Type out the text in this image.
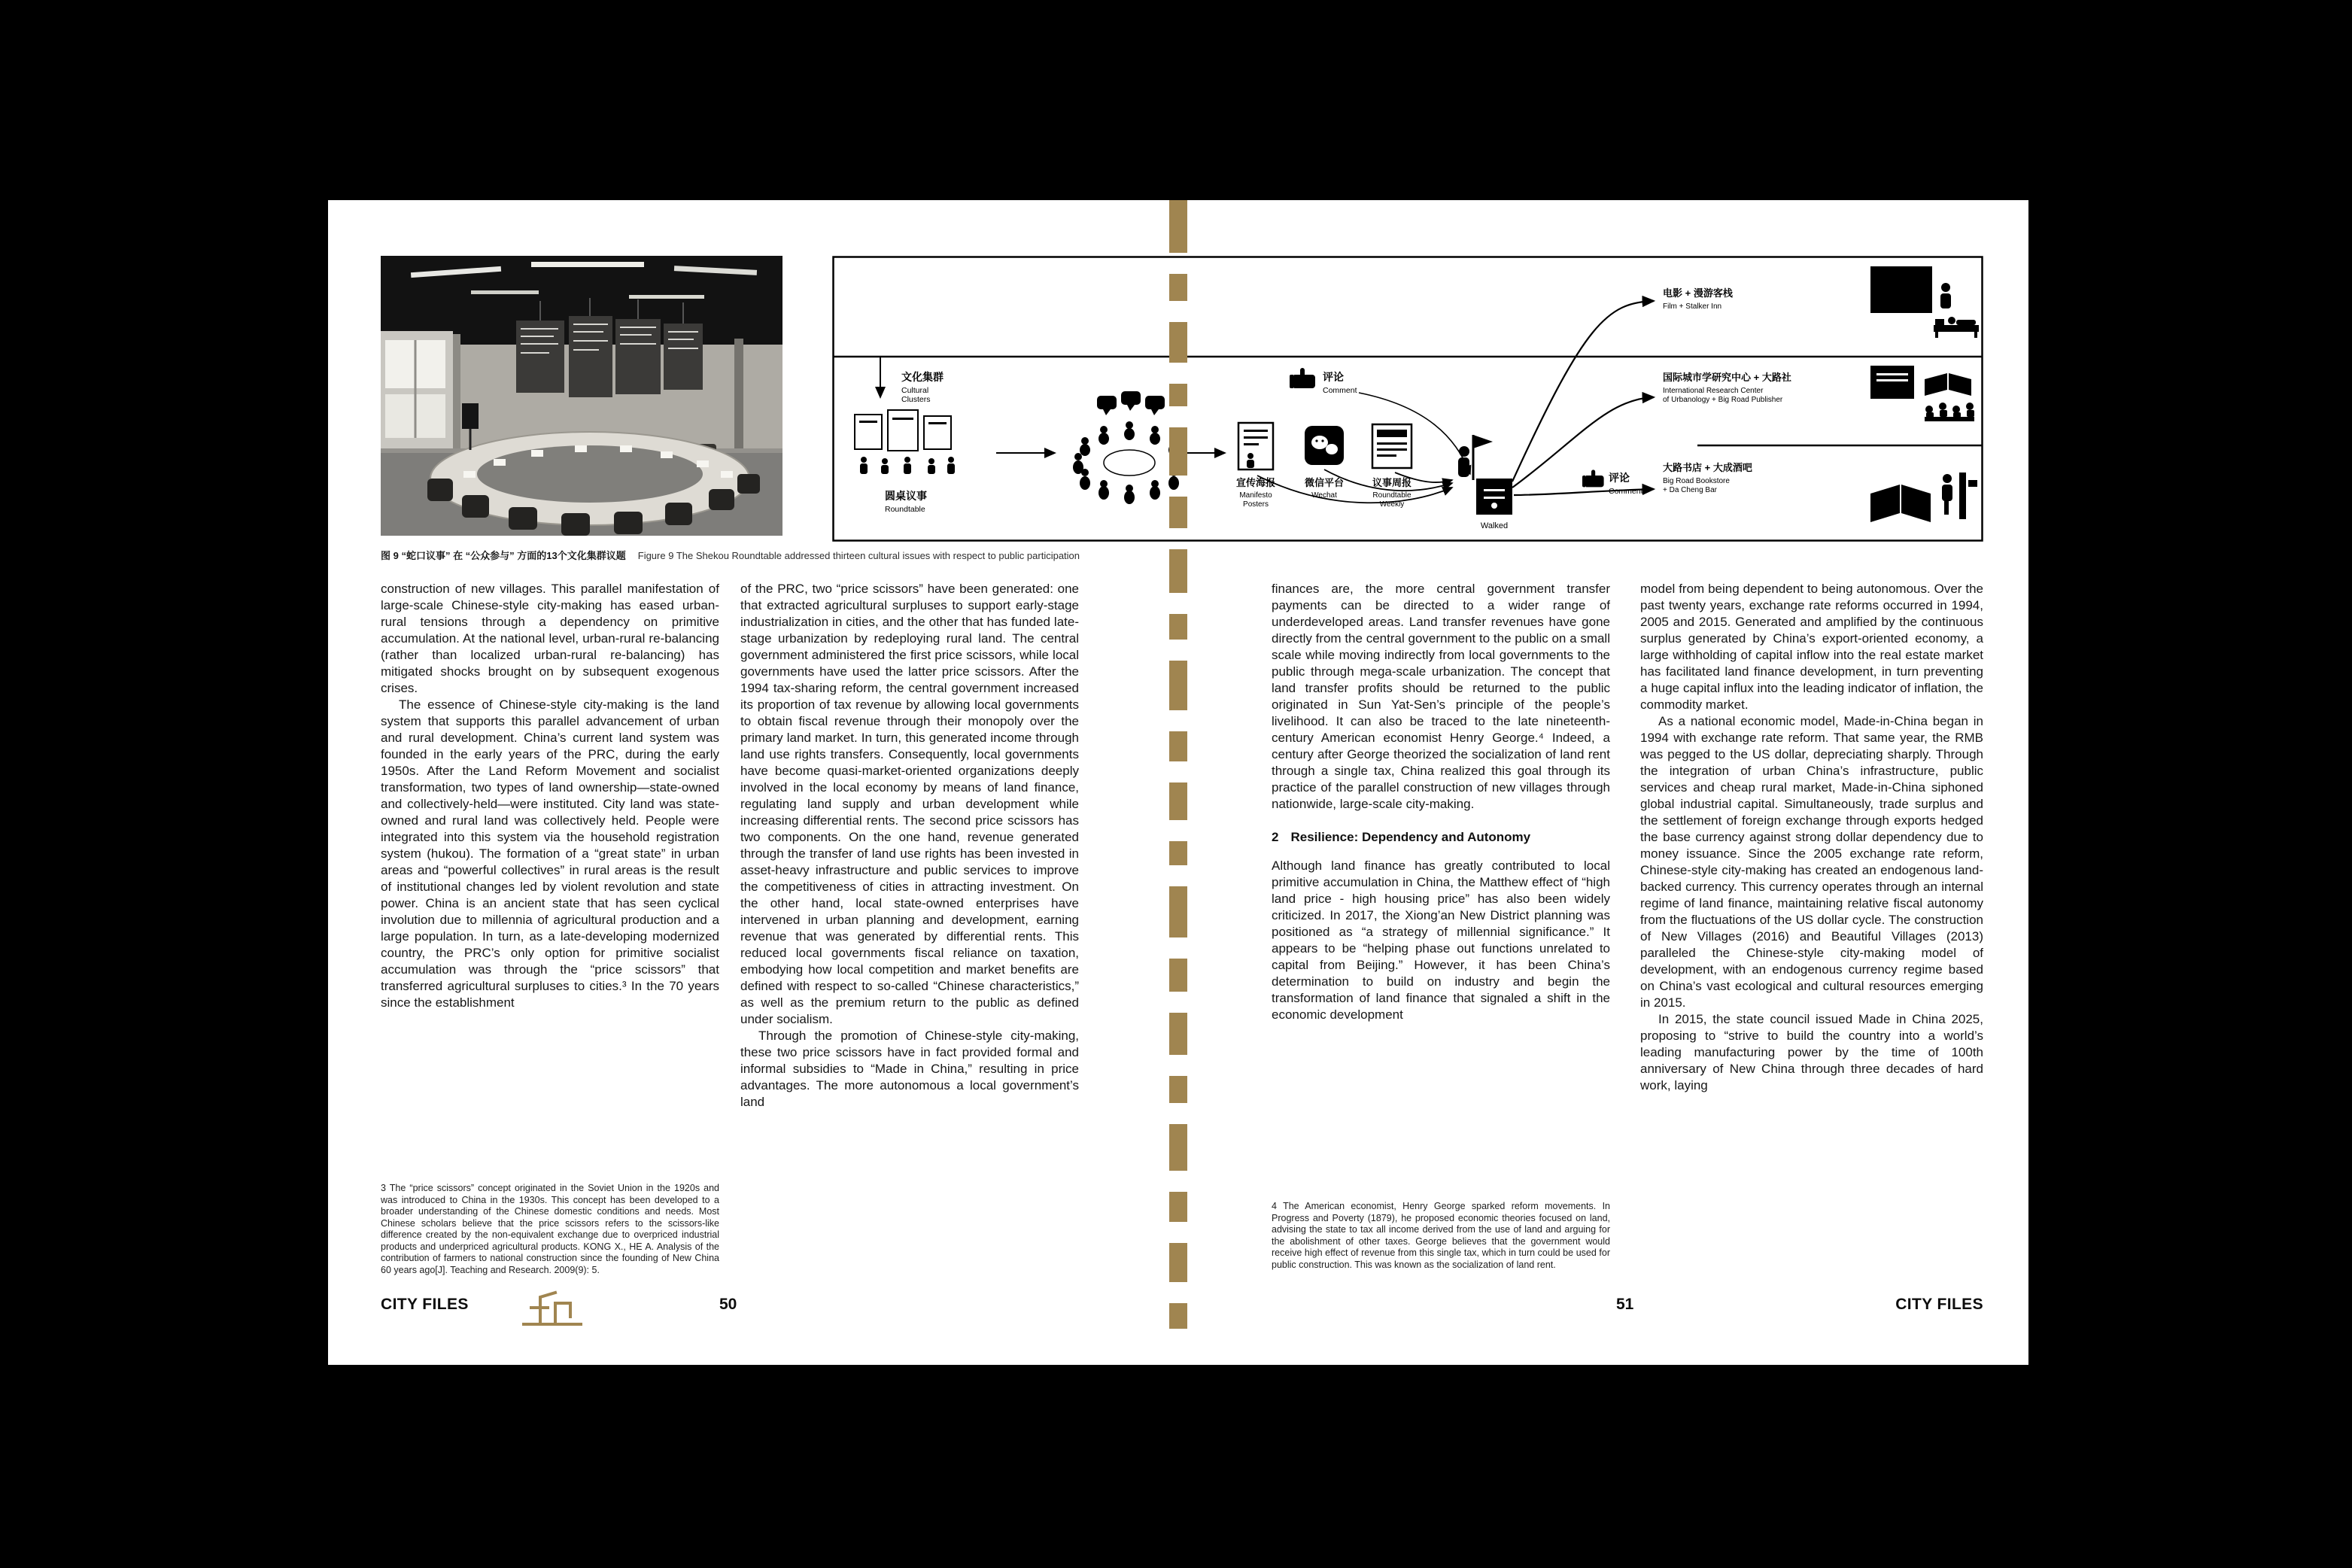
文化集群
Cultural
Clusters
圆桌议事
Roundtable
宣传海报
Manifesto
Posters
微信平台
Wechat
议事周报
Roundtable
Weekly
评论
Comment
Walked
评论
Comment
电影 + 漫游客栈
Film + Stalker Inn
国际城市学研究中心 + 大路社
International Research Center
of Urbanology + Big Road Publisher
大路书店 + 大成酒吧
Big Road Bookstore
+ Da Cheng Bar
图 9 “蛇口议事” 在 “公众参与” 方面的13个文化集群议题 Figure 9 The Shekou Roundtable addressed thirteen cultural issues with respect to public participation

construction of new villages. This parallel manifestation of large-scale Chinese-style city-making has eased urban-rural tensions through a dependency on primitive accumulation. At the national level, urban-rural re-balancing (rather than localized urban-rural re-balancing) has mitigated shocks brought on by subsequent exogenous crises.

The essence of Chinese-style city-making is the land system that supports this parallel advancement of urban and rural development. China’s current land system was founded in the early years of the PRC, during the early 1950s. After the Land Reform Movement and socialist transformation, two types of land ownership—state-owned and collectively-held—were instituted. City land was state-owned and rural land was collectively held. People were integrated into this system via the household registration system (hukou). The formation of a “great state” in urban areas and “powerful collectives” in rural areas is the result of institutional changes led by violent revolution and state power. China is an ancient state that has seen cyclical involution due to millennia of agricultural production and a large population. In turn, as a late-developing modernized country, the PRC’s only option for primitive socialist accumulation was through the “price scissors” that transferred agricultural surpluses to cities.³ In the 70 years since the establishment

3 The “price scissors” concept originated in the Soviet Union in the 1920s and was introduced to China in the 1930s. This concept has been developed to a broader understanding of the Chinese domestic conditions and needs. Most Chinese scholars believe that the price scissors refers to the scissors-like difference created by the non-equivalent exchange due to overpriced industrial products and underpriced agricultural products. KONG X., HE A. Analysis of the contribution of farmers to national construction since the founding of New China 60 years ago[J]. Teaching and Research. 2009(9): 5.

of the PRC, two “price scissors” have been generated: one that extracted agricultural surpluses to support early-stage industrialization in cities, and the other that has funded late-stage urbanization by redeploying rural land. The central government administered the first price scissors, while local governments have used the latter price scissors. After the 1994 tax-sharing reform, the central government increased its proportion of tax revenue by allowing local governments to obtain fiscal revenue through their monopoly over the primary land market. In turn, this generated income through land use rights transfers. Consequently, local governments have become quasi-market-oriented organizations deeply involved in the local economy by means of land finance, regulating land supply and urban development while increasing differential rents. The second price scissors has two components. On the one hand, revenue generated through the transfer of land use rights has been invested in asset-heavy infrastructure and public services to improve the competitiveness of cities in attracting investment. On the other hand, local state-owned enterprises have intervened in urban planning and development, earning revenue that was generated by differential rents. This reduced local governments fiscal reliance on taxation, embodying how local competition and market benefits are defined with respect to so-called “Chinese characteristics,” as well as the premium return to the public as defined under socialism.

Through the promotion of Chinese-style city-making, these two price scissors have in fact provided formal and informal subsidies to “Made in China,” resulting in price advantages. The more autonomous a local government’s land

finances are, the more central government transfer payments can be directed to a wider range of underdeveloped areas. Land transfer revenues have gone directly from the central government to the public on a small scale while moving indirectly from local governments to the public through mega-scale urbanization. The concept that land transfer profits should be returned to the public originated in Sun Yat-Sen’s principle of the people’s livelihood. It can also be traced to the late nineteenth-century American economist Henry George.⁴ Indeed, a century after George theorized the socialization of land rent through a single tax, China realized this goal through its practice of the parallel construction of new villages through nationwide, large-scale city-making.

2 Resilience: Dependency and Autonomy

Although land finance has greatly contributed to local primitive accumulation in China, the Matthew effect of “high land price - high housing price” has also been widely criticized. In 2017, the Xiong’an New District planning was positioned as “a strategy of millennial significance.” It appears to be “helping phase out functions unrelated to capital from Beijing.” However, it has been China’s determination to build on industry and begin the transformation of land finance that signaled a shift in the economic development

4 The American economist, Henry George sparked reform movements. In Progress and Poverty (1879), he proposed economic theories focused on land, advising the state to tax all income derived from the use of land and arguing for the abolishment of other taxes. George believes that the government would receive high effect of revenue from this single tax, which in turn could be used for public construction. This was known as the socialization of land rent.

model from being dependent to being autonomous. Over the past twenty years, exchange rate reforms occurred in 1994, 2005 and 2015. Generated and amplified by the continuous surplus generated by China’s export-oriented economy, a large withholding of capital inflow into the real estate market has facilitated land finance development, in turn preventing a huge capital influx into the leading indicator of inflation, the commodity market.

As a national economic model, Made-in-China began in 1994 with exchange rate reform. That same year, the RMB was pegged to the US dollar, depreciating sharply. Through the integration of urban China’s infrastructure, public services and cheap rural market, Made-in-China siphoned global industrial capital. Simultaneously, trade surplus and the settlement of foreign exchange through exports hedged the base currency against strong dollar dependency due to money issuance. Since the 2005 exchange rate reform, Chinese-style city-making has created an endogenous land-backed currency. This currency operates through an internal regime of land finance, maintaining relative fiscal autonomy from the fluctuations of the US dollar cycle. The construction of New Villages (2016) and Beautiful Villages (2013) paralleled the Chinese-style city-making model of development, with an endogenous currency regime based on China’s vast ecological and cultural resources emerging in 2015.

In 2015, the state council issued Made in China 2025, proposing to “strive to build the country into a world’s leading manufacturing power by the time of 100th anniversary of New China through three decades of hard work, laying

CITY FILES	50	51	CITY FILES
